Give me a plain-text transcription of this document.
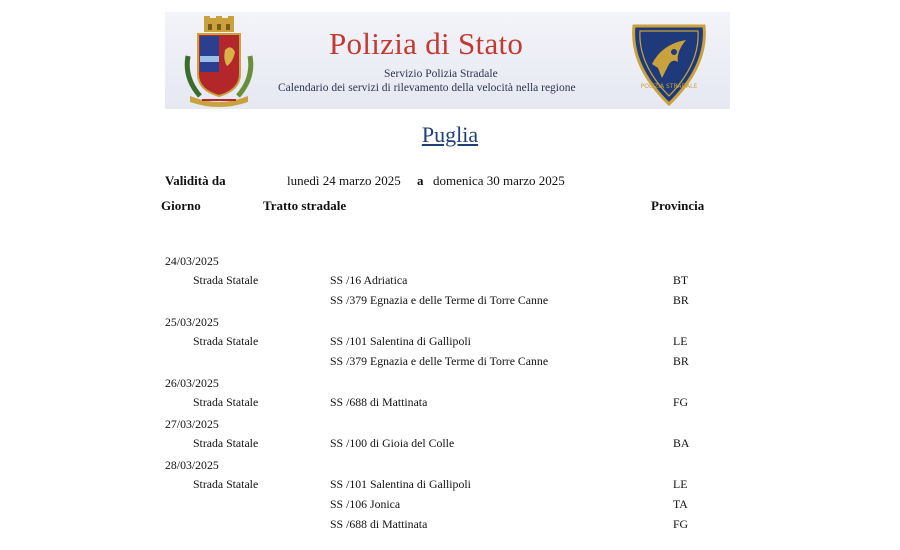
POLIZIA STRADALE
Polizia di Stato
Servizio Polizia Stradale
Calendario dei servizi di rilevamento della velocità nella regione
Puglia
Validità da	lunedì 24 marzo 2025 a domenica 30 marzo 2025
Giorno	Tratto stradale	Provincia
24/03/2025
Strada Statale	SS /16 Adriatica	BT
SS /379 Egnazia e delle Terme di Torre Canne	BR
25/03/2025
Strada Statale	SS /101 Salentina di Gallipoli	LE
SS /379 Egnazia e delle Terme di Torre Canne	BR
26/03/2025
Strada Statale	SS /688 di Mattinata	FG
27/03/2025
Strada Statale	SS /100 di Gioia del Colle	BA
28/03/2025
Strada Statale	SS /101 Salentina di Gallipoli	LE
SS /106 Jonica	TA
SS /688 di Mattinata	FG
